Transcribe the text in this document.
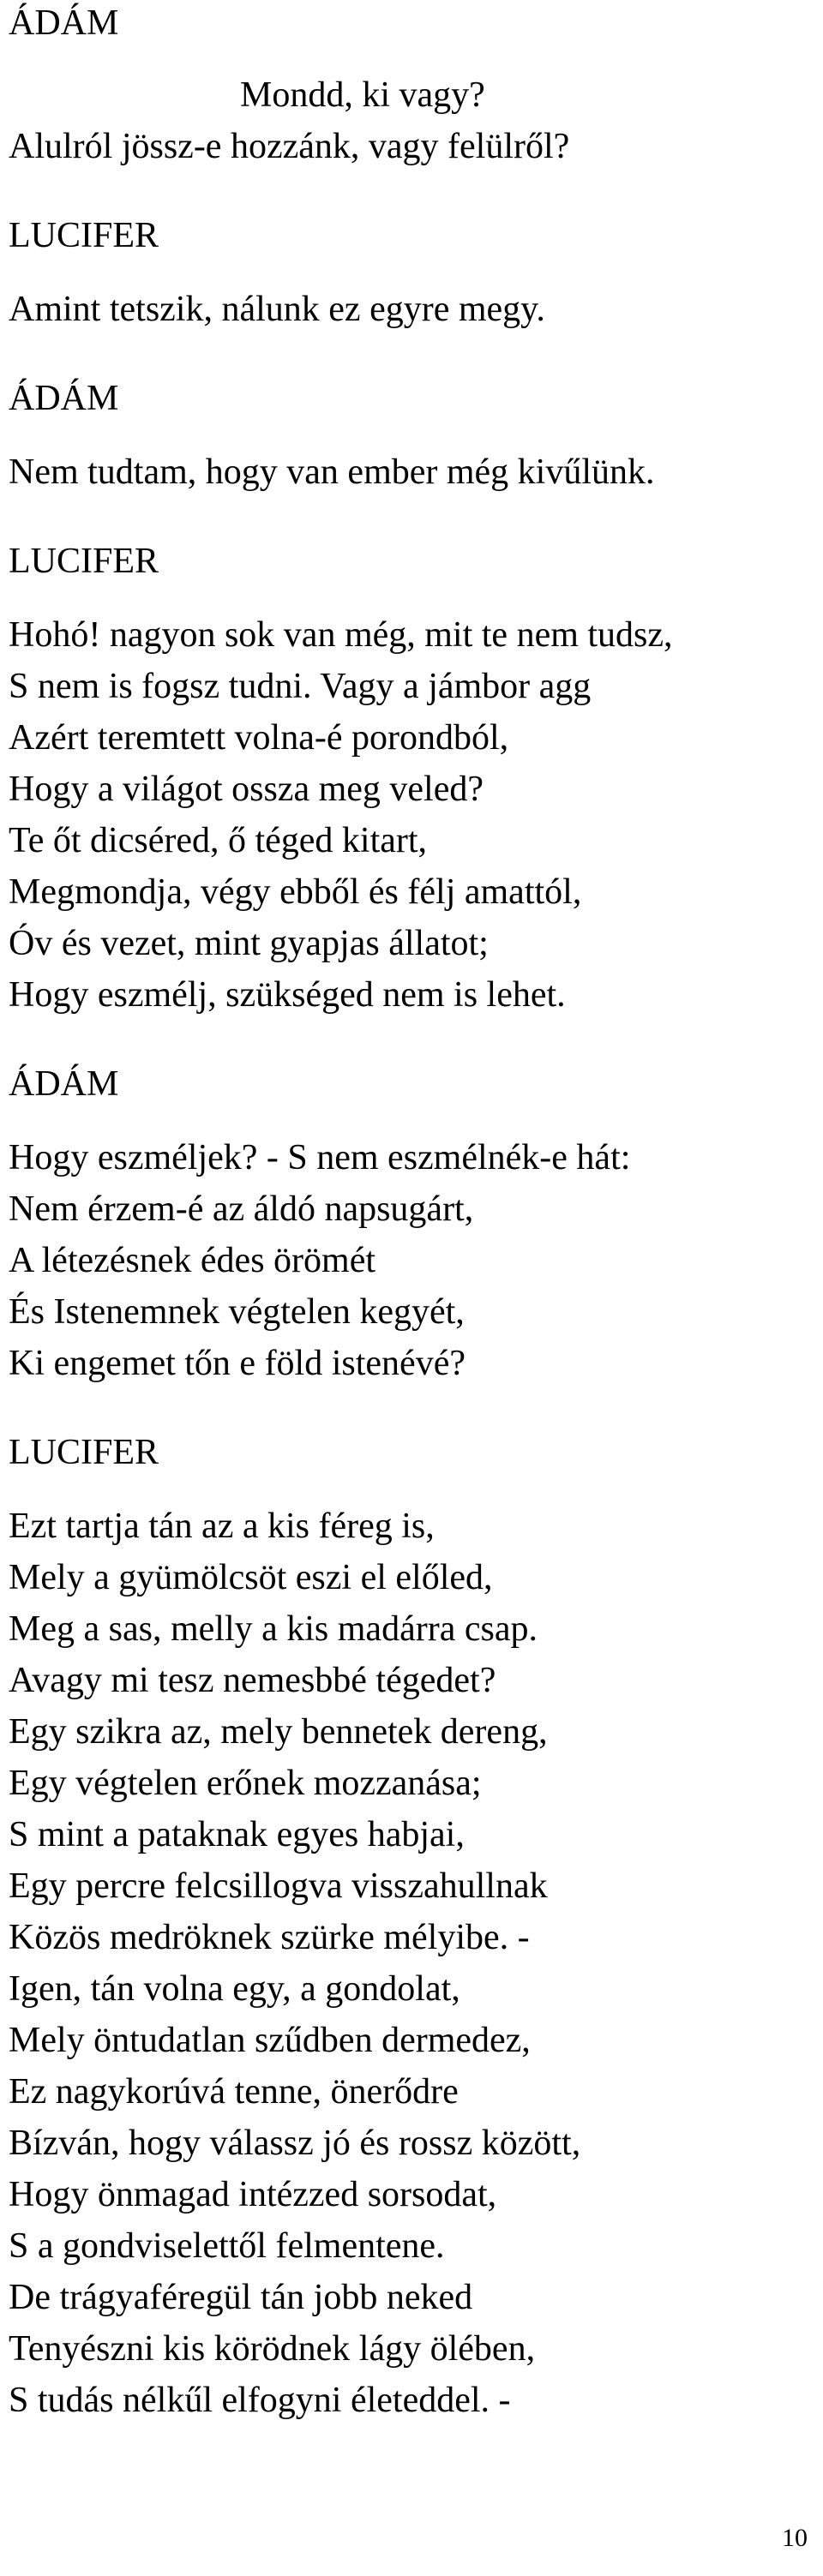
ÁDÁM

Mondd, ki vagy?

Alulról jössz-e hozzánk, vagy felülről?

LUCIFER

Amint tetszik, nálunk ez egyre megy.

ÁDÁM

Nem tudtam, hogy van ember még kivűlünk.

LUCIFER

Hohó! nagyon sok van még, mit te nem tudsz,

S nem is fogsz tudni. Vagy a jámbor agg

Azért teremtett volna-é porondból,

Hogy a világot ossza meg veled?

Te őt dicséred, ő téged kitart,

Megmondja, végy ebből és félj amattól,

Óv és vezet, mint gyapjas állatot;

Hogy eszmélj, szükséged nem is lehet.

ÁDÁM

Hogy eszméljek? - S nem eszmélnék-e hát:

Nem érzem-é az áldó napsugárt,

A létezésnek édes örömét

És Istenemnek végtelen kegyét,

Ki engemet tőn e föld istenévé?

LUCIFER

Ezt tartja tán az a kis féreg is,

Mely a gyümölcsöt eszi el előled,

Meg a sas, melly a kis madárra csap.

Avagy mi tesz nemesbbé tégedet?

Egy szikra az, mely bennetek dereng,

Egy végtelen erőnek mozzanása;

S mint a pataknak egyes habjai,

Egy percre felcsillogva visszahullnak

Közös medröknek szürke mélyibe. -

Igen, tán volna egy, a gondolat,

Mely öntudatlan szűdben dermedez,

Ez nagykorúvá tenne, önerődre

Bízván, hogy válassz jó és rossz között,

Hogy önmagad intézzed sorsodat,

S a gondviselettől felmentene.

De trágyaféregül tán jobb neked

Tenyészni kis körödnek lágy ölében,

S tudás nélkűl elfogyni életeddel. -

10
